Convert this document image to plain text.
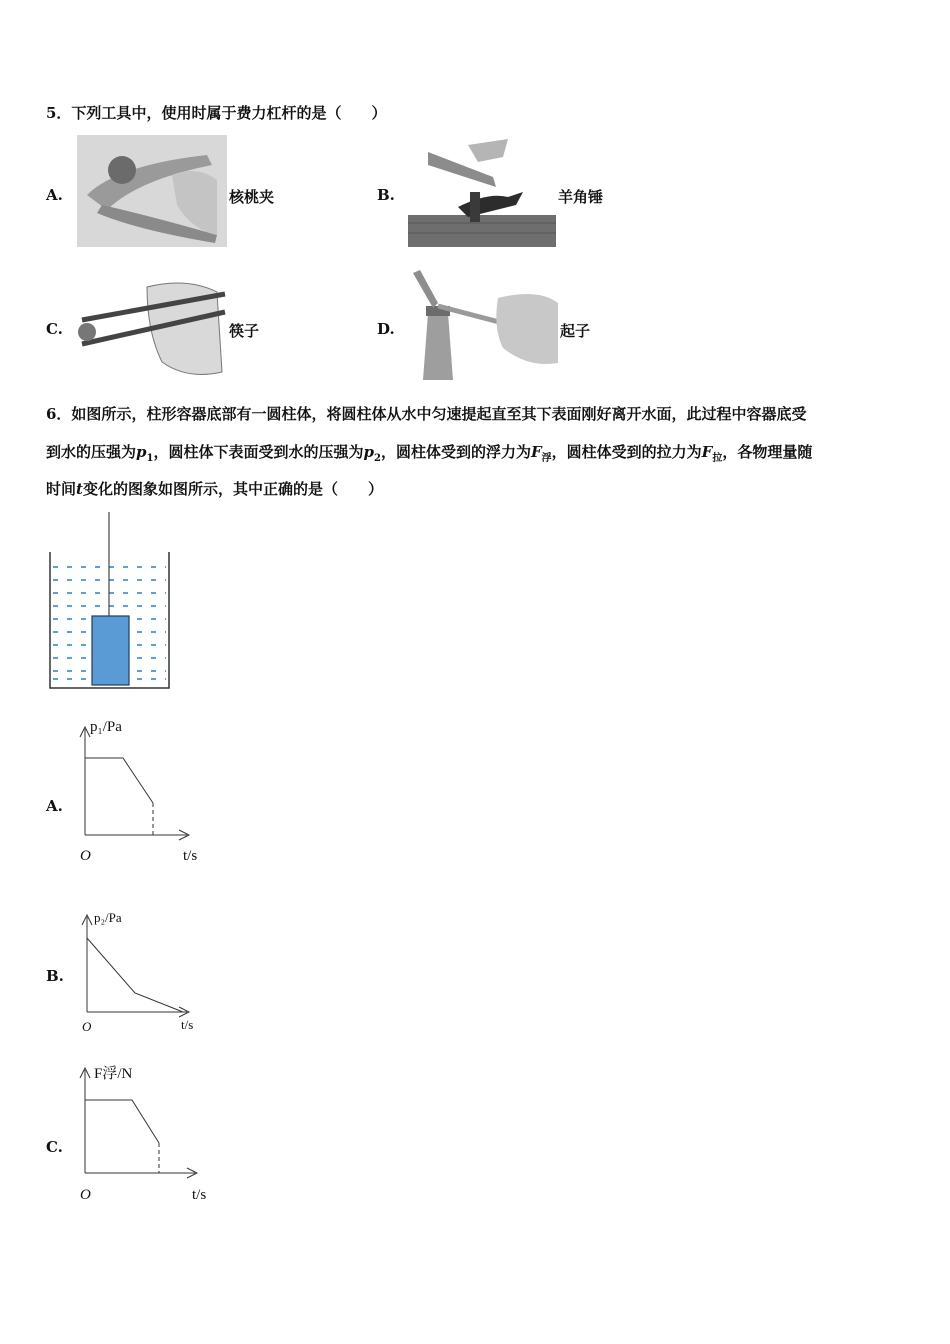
5．下列工具中，使用时属于费力杠杆的是（　　）
A.	核桃夹	B.	羊角锤
C.	筷子	D.	起子
6．如图所示，柱形容器底部有一圆柱体，将圆柱体从水中匀速提起直至其下表面刚好离开水面，此过程中容器底受
到水的压强为$p_1$，圆柱体下表面受到水的压强为$p_2$，圆柱体受到的浮力为$F_浮$，圆柱体受到的拉力为$F_拉$，各物理量随
时间t变化的图象如图所示，其中正确的是（　　）
A.
p₁/Pa
O	t/s
B.
p₂/Pa
O	t/s
C.
F浮/N
O	t/s
